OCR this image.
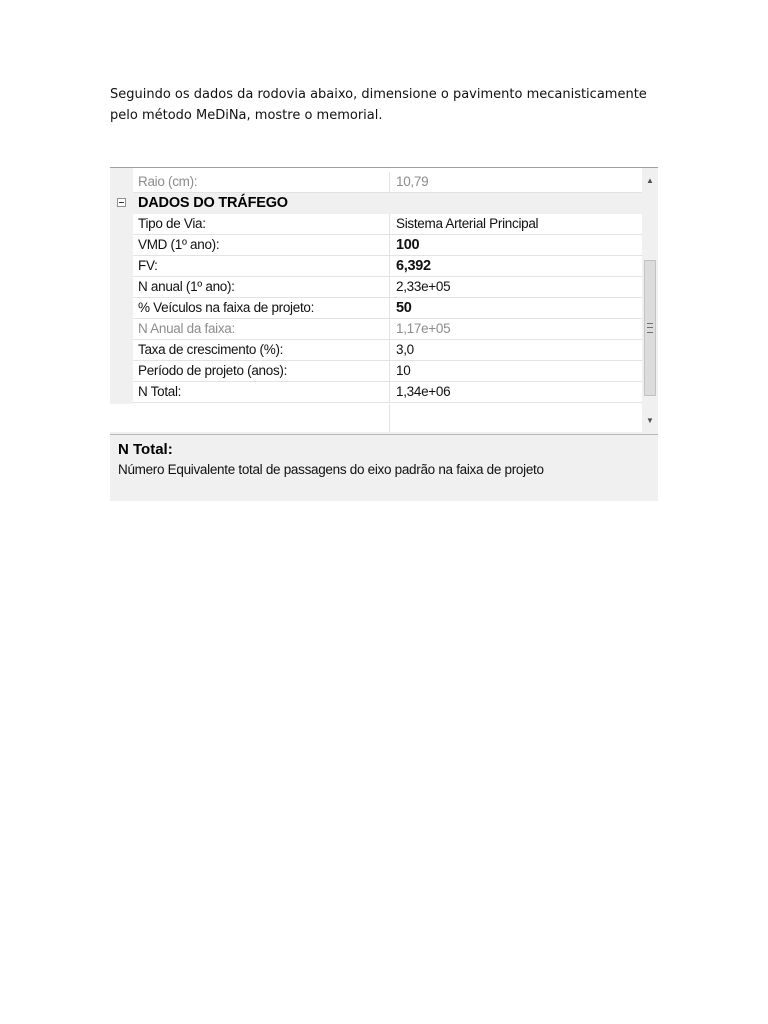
Seguindo os dados da rodovia abaixo, dimensione o pavimento mecanisticamente

pelo método MeDiNa, mostre o memorial.

Raio (cm):	10,79
DADOS DO TRÁFEGO
Tipo de Via:	Sistema Arterial Principal
VMD (1º ano):	100
FV:	6,392
N anual (1º ano):	2,33e+05
% Veículos na faixa de projeto:	50
N Anual da faixa:	1,17e+05
Taxa de crescimento (%):	3,0
Período de projeto (anos):	10
N Total:	1,34e+06
▲
▼
N Total:
Número Equivalente total de passagens do eixo padrão na faixa de projeto
